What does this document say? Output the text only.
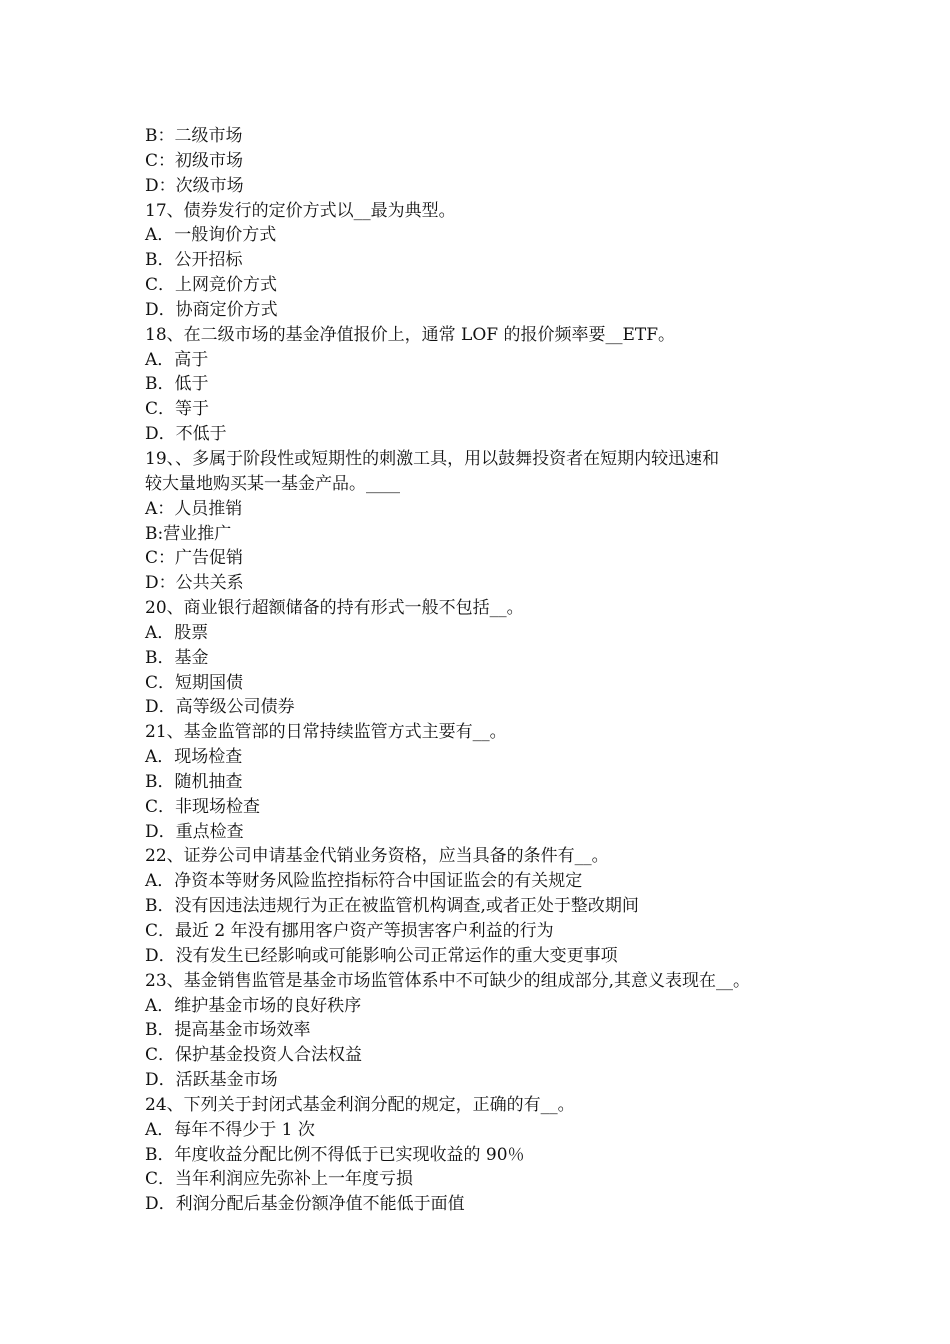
B：二级市场

C：初级市场

D：次级市场

17、债券发行的定价方式以__最为典型。

A．一般询价方式

B．公开招标

C．上网竞价方式

D．协商定价方式

18、在二级市场的基金净值报价上，通常 LOF 的报价频率要__ETF。

A．高于

B．低于

C．等于

D．不低于

19、、多属于阶段性或短期性的刺激工具，用以鼓舞投资者在短期内较迅速和

较大量地购买某一基金产品。____

A：人员推销

B:营业推广

C：广告促销

D：公共关系

20、商业银行超额储备的持有形式一般不包括__。

A．股票

B．基金

C．短期国债

D．高等级公司债券

21、基金监管部的日常持续监管方式主要有__。

A．现场检查

B．随机抽查

C．非现场检查

D．重点检查

22、证券公司申请基金代销业务资格，应当具备的条件有__。

A．净资本等财务风险监控指标符合中国证监会的有关规定

B．没有因违法违规行为正在被监管机构调查,或者正处于整改期间

C．最近 2 年没有挪用客户资产等损害客户利益的行为

D．没有发生已经影响或可能影响公司正常运作的重大变更事项

23、基金销售监管是基金市场监管体系中不可缺少的组成部分,其意义表现在__。

A．维护基金市场的良好秩序

B．提高基金市场效率

C．保护基金投资人合法权益

D．活跃基金市场

24、下列关于封闭式基金利润分配的规定，正确的有__。

A．每年不得少于 1 次

B．年度收益分配比例不得低于已实现收益的 90％

C．当年利润应先弥补上一年度亏损

D．利润分配后基金份额净值不能低于面值
